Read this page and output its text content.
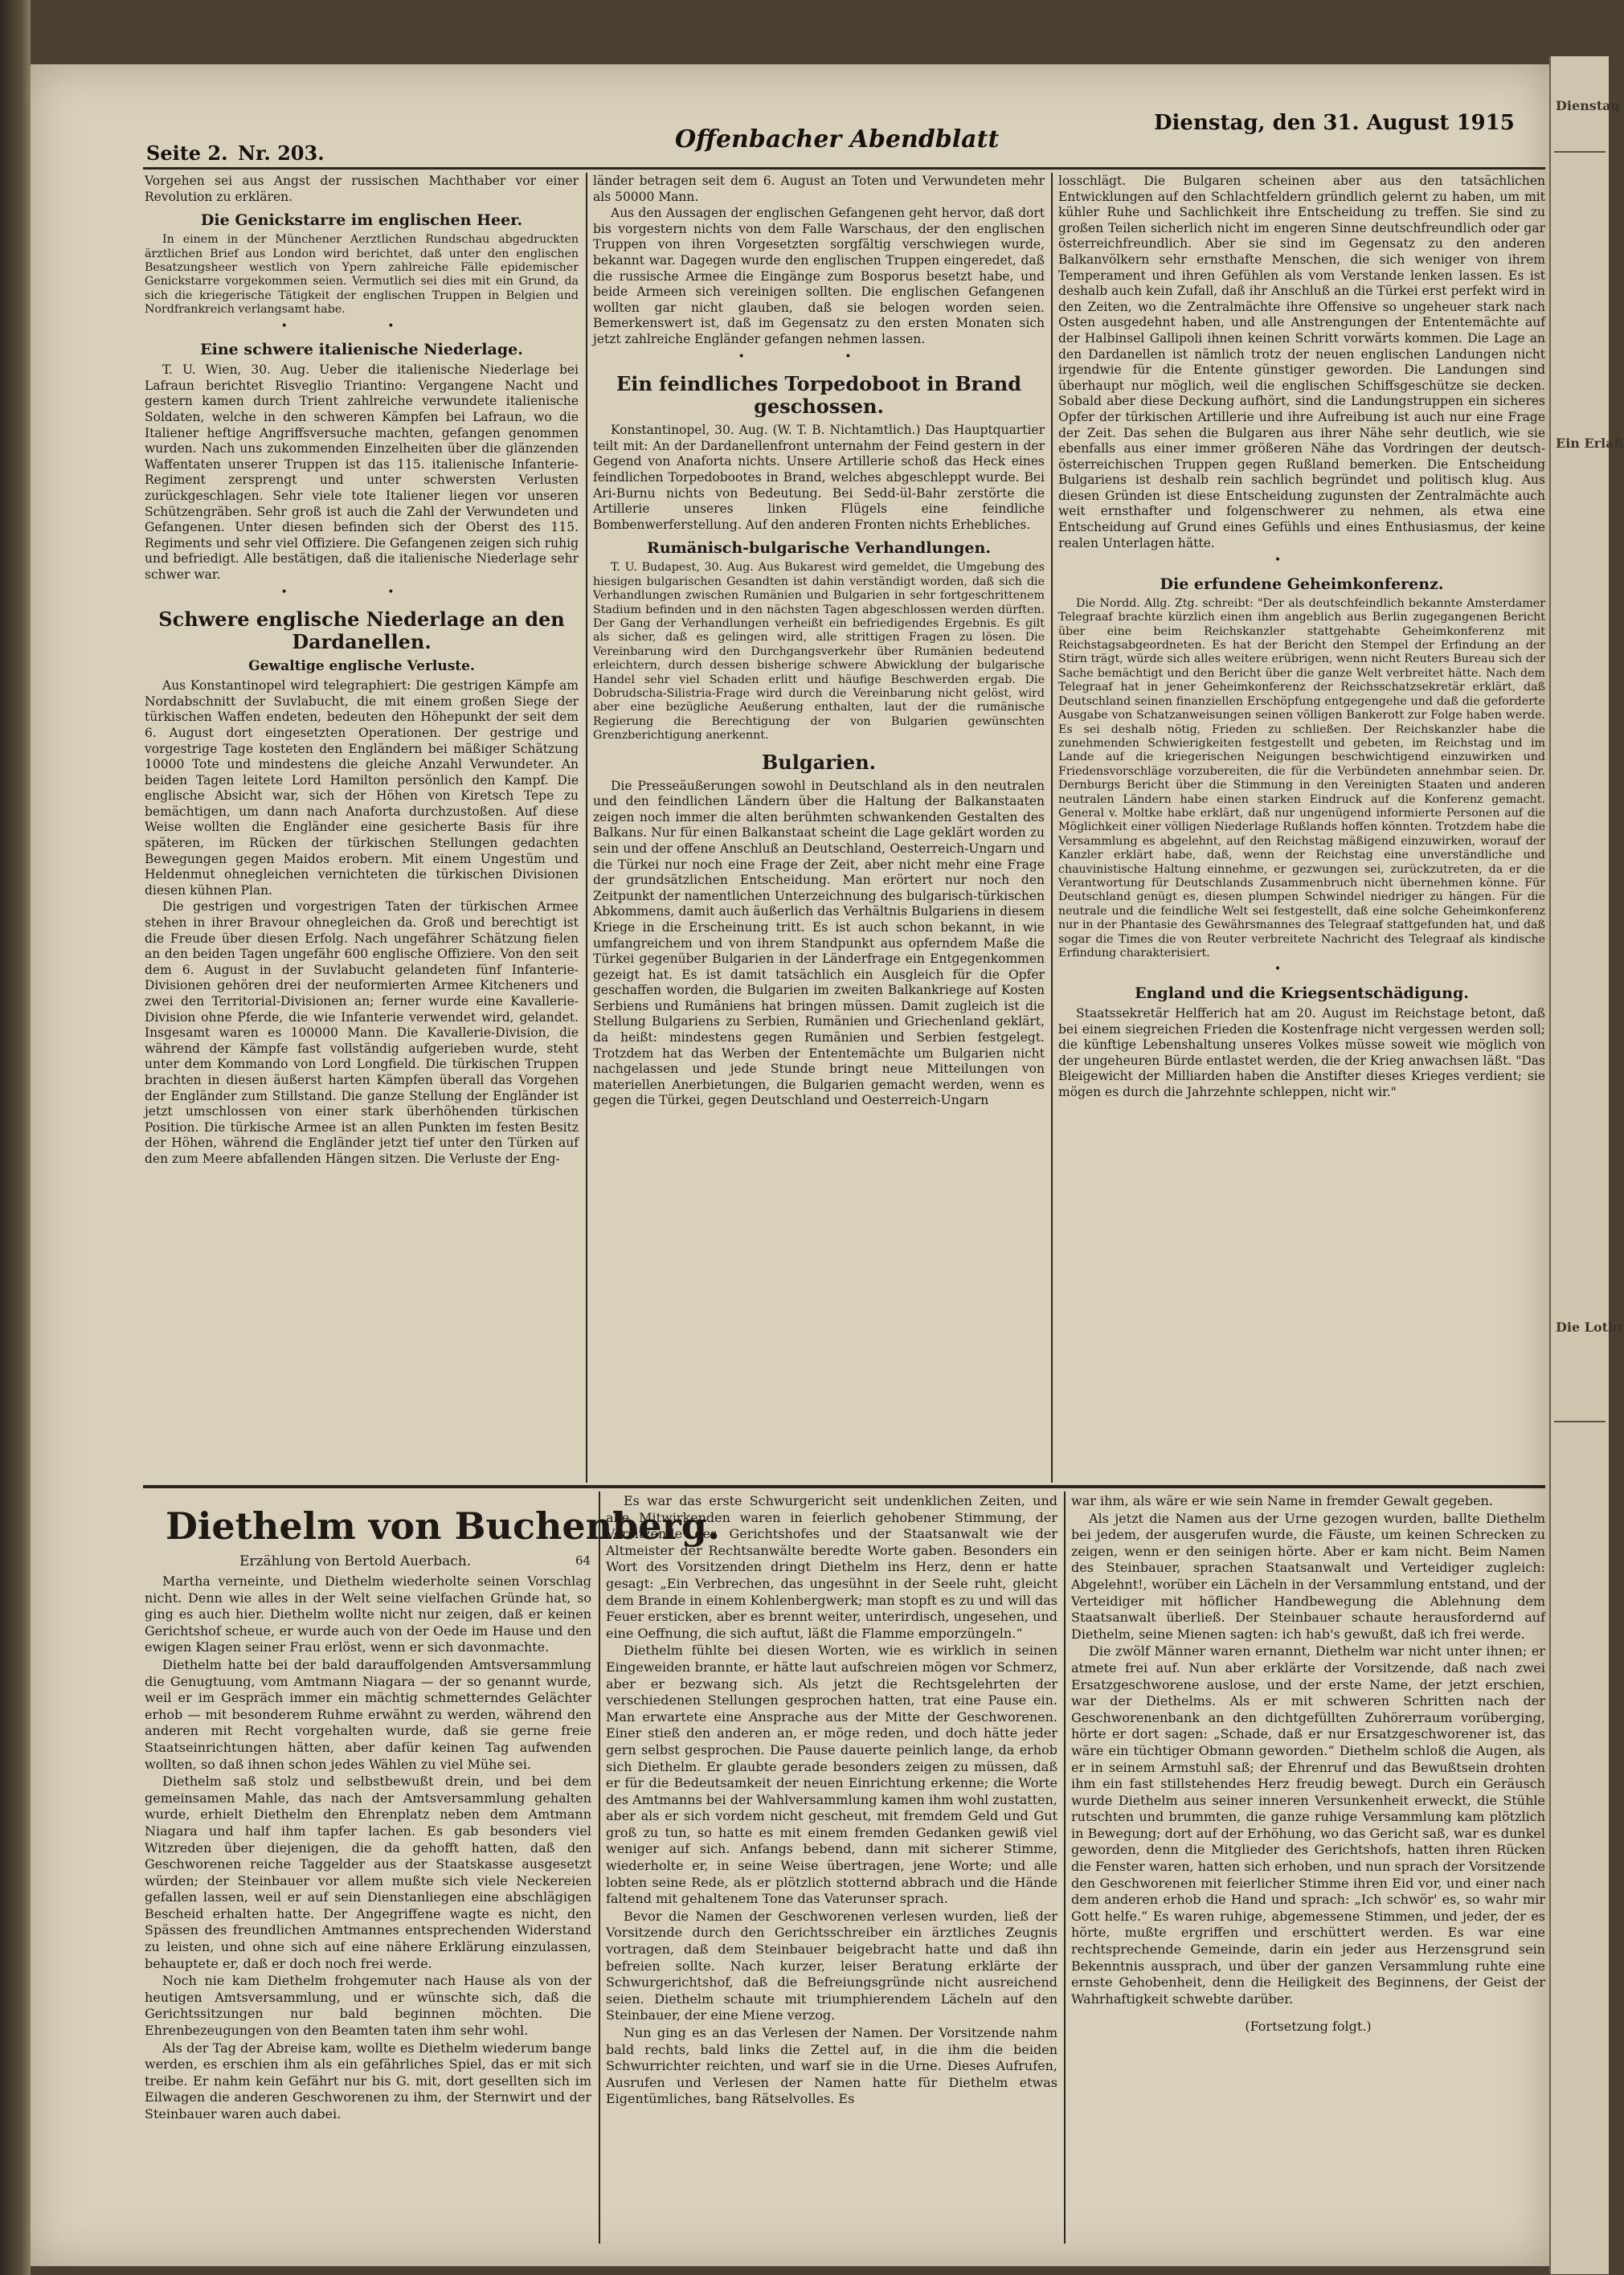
Seite 2. Nr. 203.	Offenbacher Abendblatt
Dienstag, den 31. August 1915

Vorgehen sei aus Angst der russischen Machthaber vor einer Revolution zu erklären.

Die Genickstarre im englischen Heer.

In einem in der Münchener Aerztlichen Rundschau abgedruckten ärztlichen Brief aus London wird berichtet, daß unter den englischen Besatzungsheer westlich von Ypern zahlreiche Fälle epidemischer Genickstarre vorgekommen seien. Vermutlich sei dies mit ein Grund, da sich die kriegerische Tätigkeit der englischen Truppen in Belgien und Nordfrankreich verlangsamt habe.

• •
Eine schwere italienische Niederlage.

T. U. Wien, 30. Aug. Ueber die italienische Niederlage bei Lafraun berichtet Risveglio Triantino: Vergangene Nacht und gestern kamen durch Trient zahlreiche verwundete italienische Soldaten, welche in den schweren Kämpfen bei Lafraun, wo die Italiener heftige Angriffsversuche machten, gefangen genommen wurden. Nach uns zukommenden Einzelheiten über die glänzenden Waffentaten unserer Truppen ist das 115. italienische Infanterie-Regiment zersprengt und unter schwersten Verlusten zurückgeschlagen. Sehr viele tote Italiener liegen vor unseren Schützengräben. Sehr groß ist auch die Zahl der Verwundeten und Gefangenen. Unter diesen befinden sich der Oberst des 115. Regiments und sehr viel Offiziere. Die Gefangenen zeigen sich ruhig und befriedigt. Alle bestätigen, daß die italienische Niederlage sehr schwer war.

• •
Schwere englische Niederlage an den Dardanellen.
Gewaltige englische Verluste.

Aus Konstantinopel wird telegraphiert: Die gestrigen Kämpfe am Nordabschnitt der Suvlabucht, die mit einem großen Siege der türkischen Waffen endeten, bedeuten den Höhepunkt der seit dem 6. August dort eingesetzten Operationen. Der gestrige und vorgestrige Tage kosteten den Engländern bei mäßiger Schätzung 10000 Tote und mindestens die gleiche Anzahl Verwundeter. An beiden Tagen leitete Lord Hamilton persönlich den Kampf. Die englische Absicht war, sich der Höhen von Kiretsch Tepe zu bemächtigen, um dann nach Anaforta durchzustoßen. Auf diese Weise wollten die Engländer eine gesicherte Basis für ihre späteren, im Rücken der türkischen Stellungen gedachten Bewegungen gegen Maidos erobern. Mit einem Ungestüm und Heldenmut ohnegleichen vernichteten die türkischen Divisionen diesen kühnen Plan.

Die gestrigen und vorgestrigen Taten der türkischen Armee stehen in ihrer Bravour ohnegleichen da. Groß und berechtigt ist die Freude über diesen Erfolg. Nach ungefährer Schätzung fielen an den beiden Tagen ungefähr 600 englische Offiziere. Von den seit dem 6. August in der Suvlabucht gelandeten fünf Infanterie-Divisionen gehören drei der neuformierten Armee Kitcheners und zwei den Territorial-Divisionen an; ferner wurde eine Kavallerie-Division ohne Pferde, die wie Infanterie verwendet wird, gelandet. Insgesamt waren es 100000 Mann. Die Kavallerie-Division, die während der Kämpfe fast vollständig aufgerieben wurde, steht unter dem Kommando von Lord Longfield. Die türkischen Truppen brachten in diesen äußerst harten Kämpfen überall das Vorgehen der Engländer zum Stillstand. Die ganze Stellung der Engländer ist jetzt umschlossen von einer stark überhöhenden türkischen Position. Die türkische Armee ist an allen Punkten im festen Besitz der Höhen, während die Engländer jetzt tief unter den Türken auf den zum Meere abfallenden Hängen sitzen. Die Verluste der Eng-

länder betragen seit dem 6. August an Toten und Verwundeten mehr als 50000 Mann.

Aus den Aussagen der englischen Gefangenen geht hervor, daß dort bis vorgestern nichts von dem Falle Warschaus, der den englischen Truppen von ihren Vorgesetzten sorgfältig verschwiegen wurde, bekannt war. Dagegen wurde den englischen Truppen eingeredet, daß die russische Armee die Eingänge zum Bosporus besetzt habe, und beide Armeen sich vereinigen sollten. Die englischen Gefangenen wollten gar nicht glauben, daß sie belogen worden seien. Bemerkenswert ist, daß im Gegensatz zu den ersten Monaten sich jetzt zahlreiche Engländer gefangen nehmen lassen.

• •
Ein feindliches Torpedoboot in Brand geschossen.

Konstantinopel, 30. Aug. (W. T. B. Nichtamtlich.) Das Hauptquartier teilt mit: An der Dardanellenfront unternahm der Feind gestern in der Gegend von Anaforta nichts. Unsere Artillerie schoß das Heck eines feindlichen Torpedobootes in Brand, welches abgeschleppt wurde. Bei Ari-Burnu nichts von Bedeutung. Bei Sedd-ül-Bahr zerstörte die Artillerie unseres linken Flügels eine feindliche Bombenwerferstellung. Auf den anderen Fronten nichts Erhebliches.

Rumänisch-bulgarische Verhandlungen.

T. U. Budapest, 30. Aug. Aus Bukarest wird gemeldet, die Umgebung des hiesigen bulgarischen Gesandten ist dahin verständigt worden, daß sich die Verhandlungen zwischen Rumänien und Bulgarien in sehr fortgeschrittenem Stadium befinden und in den nächsten Tagen abgeschlossen werden dürften. Der Gang der Verhandlungen verheißt ein befriedigendes Ergebnis. Es gilt als sicher, daß es gelingen wird, alle strittigen Fragen zu lösen. Die Vereinbarung wird den Durchgangsverkehr über Rumänien bedeutend erleichtern, durch dessen bisherige schwere Abwicklung der bulgarische Handel sehr viel Schaden erlitt und häufige Beschwerden ergab. Die Dobrudscha-Silistria-Frage wird durch die Vereinbarung nicht gelöst, wird aber eine bezügliche Aeußerung enthalten, laut der die rumänische Regierung die Berechtigung der von Bulgarien gewünschten Grenzberichtigung anerkennt.

Bulgarien.

Die Presseäußerungen sowohl in Deutschland als in den neutralen und den feindlichen Ländern über die Haltung der Balkanstaaten zeigen noch immer die alten berühmten schwankenden Gestalten des Balkans. Nur für einen Balkanstaat scheint die Lage geklärt worden zu sein und der offene Anschluß an Deutschland, Oesterreich-Ungarn und die Türkei nur noch eine Frage der Zeit, aber nicht mehr eine Frage der grundsätzlichen Entscheidung. Man erörtert nur noch den Zeitpunkt der namentlichen Unterzeichnung des bulgarisch-türkischen Abkommens, damit auch äußerlich das Verhältnis Bulgariens in diesem Kriege in die Erscheinung tritt. Es ist auch schon bekannt, in wie umfangreichem und von ihrem Standpunkt aus opferndem Maße die Türkei gegenüber Bulgarien in der Länderfrage ein Entgegenkommen gezeigt hat. Es ist damit tatsächlich ein Ausgleich für die Opfer geschaffen worden, die Bulgarien im zweiten Balkankriege auf Kosten Serbiens und Rumäniens hat bringen müssen. Damit zugleich ist die Stellung Bulgariens zu Serbien, Rumänien und Griechenland geklärt, da heißt: mindestens gegen Rumänien und Serbien festgelegt. Trotzdem hat das Werben der Ententemächte um Bulgarien nicht nachgelassen und jede Stunde bringt neue Mitteilungen von materiellen Anerbietungen, die Bulgarien gemacht werden, wenn es gegen die Türkei, gegen Deutschland und Oesterreich-Ungarn

losschlägt. Die Bulgaren scheinen aber aus den tatsächlichen Entwicklungen auf den Schlachtfeldern gründlich gelernt zu haben, um mit kühler Ruhe und Sachlichkeit ihre Entscheidung zu treffen. Sie sind zu großen Teilen sicherlich nicht im engeren Sinne deutschfreundlich oder gar österreichfreundlich. Aber sie sind im Gegensatz zu den anderen Balkanvölkern sehr ernsthafte Menschen, die sich weniger von ihrem Temperament und ihren Gefühlen als vom Verstande lenken lassen. Es ist deshalb auch kein Zufall, daß ihr Anschluß an die Türkei erst perfekt wird in den Zeiten, wo die Zentralmächte ihre Offensive so ungeheuer stark nach Osten ausgedehnt haben, und alle Anstrengungen der Ententemächte auf der Halbinsel Gallipoli ihnen keinen Schritt vorwärts kommen. Die Lage an den Dardanellen ist nämlich trotz der neuen englischen Landungen nicht irgendwie für die Entente günstiger geworden. Die Landungen sind überhaupt nur möglich, weil die englischen Schiffsgeschütze sie decken. Sobald aber diese Deckung aufhört, sind die Landungstruppen ein sicheres Opfer der türkischen Artillerie und ihre Aufreibung ist auch nur eine Frage der Zeit. Das sehen die Bulgaren aus ihrer Nähe sehr deutlich, wie sie ebenfalls aus einer immer größeren Nähe das Vordringen der deutsch-österreichischen Truppen gegen Rußland bemerken. Die Entscheidung Bulgariens ist deshalb rein sachlich begründet und politisch klug. Aus diesen Gründen ist diese Entscheidung zugunsten der Zentralmächte auch weit ernsthafter und folgenschwerer zu nehmen, als etwa eine Entscheidung auf Grund eines Gefühls und eines Enthusiasmus, der keine realen Unterlagen hätte.

•
Die erfundene Geheimkonferenz.

Die Nordd. Allg. Ztg. schreibt: "Der als deutschfeindlich bekannte Amsterdamer Telegraaf brachte kürzlich einen ihm angeblich aus Berlin zugegangenen Bericht über eine beim Reichskanzler stattgehabte Geheimkonferenz mit Reichstagsabgeordneten. Es hat der Bericht den Stempel der Erfindung an der Stirn trägt, würde sich alles weitere erübrigen, wenn nicht Reuters Bureau sich der Sache bemächtigt und den Bericht über die ganze Welt verbreitet hätte. Nach dem Telegraaf hat in jener Geheimkonferenz der Reichsschatzsekretär erklärt, daß Deutschland seinen finanziellen Erschöpfung entgegengehe und daß die geforderte Ausgabe von Schatzanweisungen seinen völligen Bankerott zur Folge haben werde. Es sei deshalb nötig, Frieden zu schließen. Der Reichskanzler habe die zunehmenden Schwierigkeiten festgestellt und gebeten, im Reichstag und im Lande auf die kriegerischen Neigungen beschwichtigend einzuwirken und Friedensvorschläge vorzubereiten, die für die Verbündeten annehmbar seien. Dr. Dernburgs Bericht über die Stimmung in den Vereinigten Staaten und anderen neutralen Ländern habe einen starken Eindruck auf die Konferenz gemacht. General v. Moltke habe erklärt, daß nur ungenügend informierte Personen auf die Möglichkeit einer völligen Niederlage Rußlands hoffen könnten. Trotzdem habe die Versammlung es abgelehnt, auf den Reichstag mäßigend einzuwirken, worauf der Kanzler erklärt habe, daß, wenn der Reichstag eine unverständliche und chauvinistische Haltung einnehme, er gezwungen sei, zurückzutreten, da er die Verantwortung für Deutschlands Zusammenbruch nicht übernehmen könne. Für Deutschland genügt es, diesen plumpen Schwindel niedriger zu hängen. Für die neutrale und die feindliche Welt sei festgestellt, daß eine solche Geheimkonferenz nur in der Phantasie des Gewährsmannes des Telegraaf stattgefunden hat, und daß sogar die Times die von Reuter verbreitete Nachricht des Telegraaf als kindische Erfindung charakterisiert.

•
England und die Kriegsentschädigung.

Staatssekretär Helfferich hat am 20. August im Reichstage betont, daß bei einem siegreichen Frieden die Kostenfrage nicht vergessen werden soll; die künftige Lebenshaltung unseres Volkes müsse soweit wie möglich von der ungeheuren Bürde entlastet werden, die der Krieg anwachsen läßt. "Das Bleigewicht der Milliarden haben die Anstifter dieses Krieges verdient; sie mögen es durch die Jahrzehnte schleppen, nicht wir."

Diethelm von Buchenberg.
Erzählung von Bertold Auerbach.	64

Martha verneinte, und Diethelm wiederholte seinen Vorschlag nicht. Denn wie alles in der Welt seine vielfachen Gründe hat, so ging es auch hier. Diethelm wollte nicht nur zeigen, daß er keinen Gerichtshof scheue, er wurde auch von der Oede im Hause und den ewigen Klagen seiner Frau erlöst, wenn er sich davonmachte.

Diethelm hatte bei der bald darauffolgenden Amtsversammlung die Genugtuung, vom Amtmann Niagara — der so genannt wurde, weil er im Gespräch immer ein mächtig schmetterndes Gelächter erhob — mit besonderem Ruhme erwähnt zu werden, während den anderen mit Recht vorgehalten wurde, daß sie gerne freie Staatseinrichtungen hätten, aber dafür keinen Tag aufwenden wollten, so daß ihnen schon jedes Wählen zu viel Mühe sei.

Diethelm saß stolz und selbstbewußt drein, und bei dem gemeinsamen Mahle, das nach der Amtsversammlung gehalten wurde, erhielt Diethelm den Ehrenplatz neben dem Amtmann Niagara und half ihm tapfer lachen. Es gab besonders viel Witzreden über diejenigen, die da gehofft hatten, daß den Geschworenen reiche Taggelder aus der Staatskasse ausgesetzt würden; der Steinbauer vor allem mußte sich viele Neckereien gefallen lassen, weil er auf sein Dienstanliegen eine abschlägigen Bescheid erhalten hatte. Der Angegriffene wagte es nicht, den Spässen des freundlichen Amtmannes entsprechenden Widerstand zu leisten, und ohne sich auf eine nähere Erklärung einzulassen, behauptete er, daß er doch noch frei werde.

Noch nie kam Diethelm frohgemuter nach Hause als von der heutigen Amtsversammlung, und er wünschte sich, daß die Gerichtssitzungen nur bald beginnen möchten. Die Ehrenbezeugungen von den Beamten taten ihm sehr wohl.

Als der Tag der Abreise kam, wollte es Diethelm wiederum bange werden, es erschien ihm als ein gefährliches Spiel, das er mit sich treibe. Er nahm kein Gefährt nur bis G. mit, dort gesellten sich im Eilwagen die anderen Geschworenen zu ihm, der Sternwirt und der Steinbauer waren auch dabei.

Es war das erste Schwurgericht seit undenklichen Zeiten, und alle Mitwirkenden waren in feierlich gehobener Stimmung, der Vorsitzende des Gerichtshofes und der Staatsanwalt wie der Altmeister der Rechtsanwälte beredte Worte gaben. Besonders ein Wort des Vorsitzenden dringt Diethelm ins Herz, denn er hatte gesagt: „Ein Verbrechen, das ungesühnt in der Seele ruht, gleicht dem Brande in einem Kohlenbergwerk; man stopft es zu und will das Feuer ersticken, aber es brennt weiter, unterirdisch, ungesehen, und eine Oeffnung, die sich auftut, läßt die Flamme emporzüngeln.“

Diethelm fühlte bei diesen Worten, wie es wirklich in seinen Eingeweiden brannte, er hätte laut aufschreien mögen vor Schmerz, aber er bezwang sich. Als jetzt die Rechtsgelehrten der verschiedenen Stellungen gesprochen hatten, trat eine Pause ein. Man erwartete eine Ansprache aus der Mitte der Geschworenen. Einer stieß den anderen an, er möge reden, und doch hätte jeder gern selbst gesprochen. Die Pause dauerte peinlich lange, da erhob sich Diethelm. Er glaubte gerade besonders zeigen zu müssen, daß er für die Bedeutsamkeit der neuen Einrichtung erkenne; die Worte des Amtmanns bei der Wahlversammlung kamen ihm wohl zustatten, aber als er sich vordem nicht gescheut, mit fremdem Geld und Gut groß zu tun, so hatte es mit einem fremden Gedanken gewiß viel weniger auf sich. Anfangs bebend, dann mit sicherer Stimme, wiederholte er, in seine Weise übertragen, jene Worte; und alle lobten seine Rede, als er plötzlich stotternd abbrach und die Hände faltend mit gehaltenem Tone das Vaterunser sprach.

Bevor die Namen der Geschworenen verlesen wurden, ließ der Vorsitzende durch den Gerichtsschreiber ein ärztliches Zeugnis vortragen, daß dem Steinbauer beigebracht hatte und daß ihn befreien sollte. Nach kurzer, leiser Beratung erklärte der Schwurgerichtshof, daß die Befreiungsgründe nicht ausreichend seien. Diethelm schaute mit triumphierendem Lächeln auf den Steinbauer, der eine Miene verzog.

Nun ging es an das Verlesen der Namen. Der Vorsitzende nahm bald rechts, bald links die Zettel auf, in die ihm die beiden Schwurrichter reichten, und warf sie in die Urne. Dieses Aufrufen, Ausrufen und Verlesen der Namen hatte für Diethelm etwas Eigentümliches, bang Rätselvolles. Es

war ihm, als wäre er wie sein Name in fremder Gewalt gegeben.

Als jetzt die Namen aus der Urne gezogen wurden, ballte Diethelm bei jedem, der ausgerufen wurde, die Fäuste, um keinen Schrecken zu zeigen, wenn er den seinigen hörte. Aber er kam nicht. Beim Namen des Steinbauer, sprachen Staatsanwalt und Verteidiger zugleich: Abgelehnt!, worüber ein Lächeln in der Versammlung entstand, und der Verteidiger mit höflicher Handbewegung die Ablehnung dem Staatsanwalt überließ. Der Steinbauer schaute herausfordernd auf Diethelm, seine Mienen sagten: ich hab's gewußt, daß ich frei werde.

Die zwölf Männer waren ernannt, Diethelm war nicht unter ihnen; er atmete frei auf. Nun aber erklärte der Vorsitzende, daß nach zwei Ersatzgeschworene auslose, und der erste Name, der jetzt erschien, war der Diethelms. Als er mit schweren Schritten nach der Geschworenenbank an den dichtgefüllten Zuhörerraum vorüberging, hörte er dort sagen: „Schade, daß er nur Ersatzgeschworener ist, das wäre ein tüchtiger Obmann geworden.“ Diethelm schloß die Augen, als er in seinem Armstuhl saß; der Ehrenruf und das Bewußtsein drohten ihm ein fast stillstehendes Herz freudig bewegt. Durch ein Geräusch wurde Diethelm aus seiner inneren Versunkenheit erweckt, die Stühle rutschten und brummten, die ganze ruhige Versammlung kam plötzlich in Bewegung; dort auf der Erhöhung, wo das Gericht saß, war es dunkel geworden, denn die Mitglieder des Gerichtshofs, hatten ihren Rücken die Fenster waren, hatten sich erhoben, und nun sprach der Vorsitzende den Geschworenen mit feierlicher Stimme ihren Eid vor, und einer nach dem anderen erhob die Hand und sprach: „Ich schwör' es, so wahr mir Gott helfe.“ Es waren ruhige, abgemessene Stimmen, und jeder, der es hörte, mußte ergriffen und erschüttert werden. Es war eine rechtsprechende Gemeinde, darin ein jeder aus Herzensgrund sein Bekenntnis aussprach, und über der ganzen Versammlung ruhte eine ernste Gehobenheit, denn die Heiligkeit des Beginnens, der Geist der Wahrhaftigkeit schwebte darüber.

(Fortsetzung folgt.)

Dienstag
Ein Erlaß
Die Lothr
